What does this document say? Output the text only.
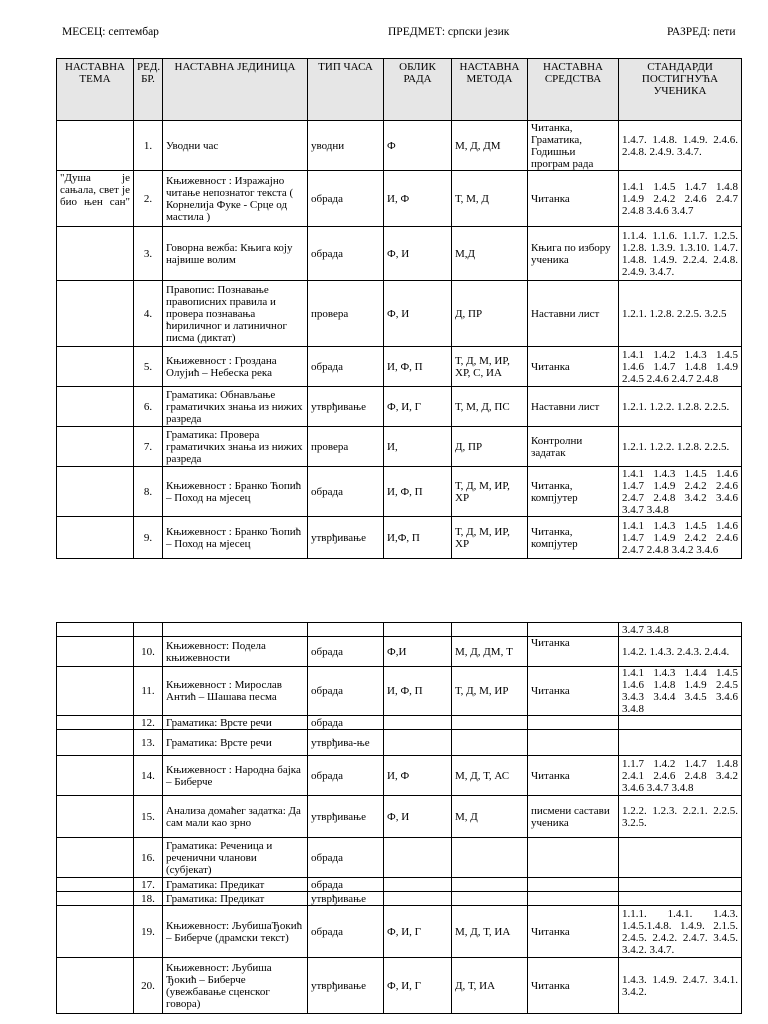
МЕСЕЦ: септембар	ПРЕДМЕТ: српски језик	РАЗРЕД: пети
НАСТАВНА ТЕМА	РЕД. БР.	НАСТАВНА ЈЕДИНИЦА	ТИП ЧАСА	ОБЛИК РАДА	НАСТАВНА МЕТОДА	НАСТАВНА СРЕДСТВА	СТАНДАРДИ ПОСТИГНУЋА УЧЕНИКА
	1.	Уводни час	уводни	Ф	М, Д, ДМ	Читанка, Граматика, Годишњи програм рада	1.4.7. 1.4.8. 1.4.9. 2.4.6. 2.4.8. 2.4.9. 3.4.7.
"Душа је сањала, свет је био њен сан"	2.	Књижевност : Изражајно читање непознатог текста ( Корнелија Фуке - Срце од мастила )	обрада	И, Ф	Т, М, Д	Читанка	1.4.1 1.4.5 1.4.7 1.4.8 1.4.9 2.4.2 2.4.6 2.4.7 2.4.8 3.4.6 3.4.7
	3.	Говорна вежба: Књига коју највише волим	обрада	Ф, И	М,Д	Књига по избору ученика	1.1.4. 1.1.6. 1.1.7. 1.2.5. 1.2.8. 1.3.9. 1.3.10. 1.4.7. 1.4.8. 1.4.9. 2.2.4. 2.4.8. 2.4.9. 3.4.7.
	4.	Правопис: Познавање правописних правила и провера познавања ћириличног и латиничног писма (диктат)	провера	Ф, И	Д, ПР	Наставни лист	1.2.1. 1.2.8. 2.2.5. 3.2.5
	5.	Књижевност : Гроздана Олујић – Небеска река	обрада	И, Ф, П	Т, Д, М, ИР, ХР, С, ИА	Читанка	1.4.1 1.4.2 1.4.3 1.4.5 1.4.6 1.4.7 1.4.8 1.4.9 2.4.5 2.4.6 2.4.7 2.4.8
	6.	Граматика: Обнављање граматичких знања из нижих разреда	утврђивање	Ф, И, Г	Т, М, Д, ПС	Наставни лист	1.2.1. 1.2.2. 1.2.8. 2.2.5.
	7.	Граматика: Провера граматичких знања из нижих разреда	провера	И,	Д, ПР	Контролни задатак	1.2.1. 1.2.2. 1.2.8. 2.2.5.
	8.	Књижевност : Бранко Ћопић – Поход на мјесец	обрада	И, Ф, П	Т, Д, М, ИР, ХР	Читанка, компјутер	1.4.1 1.4.3 1.4.5 1.4.6 1.4.7 1.4.9 2.4.2 2.4.6 2.4.7 2.4.8 3.4.2 3.4.6 3.4.7 3.4.8
	9.	Књижевност : Бранко Ћопић – Поход на мјесец	утврђивање	И,Ф, П	Т, Д, М, ИР, ХР	Читанка, компјутер	1.4.1 1.4.3 1.4.5 1.4.6 1.4.7 1.4.9 2.4.2 2.4.6 2.4.7 2.4.8 3.4.2 3.4.6
							3.4.7 3.4.8
	10.	Књижевност: Подела књижевности	обрада	Ф,И	М, Д, ДМ, Т	Читанка	1.4.2. 1.4.3. 2.4.3. 2.4.4.
	11.	Књижевност : Мирослав Антић – Шашава песма	обрада	И, Ф, П	Т, Д, М, ИР	Читанка	1.4.1 1.4.3 1.4.4 1.4.5 1.4.6 1.4.8 1.4.9 2.4.5 3.4.3 3.4.4 3.4.5 3.4.6 3.4.8
	12.	Граматика: Врсте речи	обрада				
	13.	Граматика: Врсте речи	утврђива-ње				
	14.	Књижевност : Народна бајка – Биберче	обрада	И, Ф	М, Д, Т, АС	Читанка	1.1.7 1.4.2 1.4.7 1.4.8 2.4.1 2.4.6 2.4.8 3.4.2 3.4.6 3.4.7 3.4.8
	15.	Анализа домаћег задатка: Да сам мали као зрно	утврђивање	Ф, И	М, Д	писмени састави ученика	1.2.2. 1.2.3. 2.2.1. 2.2.5. 3.2.5.
	16.	Граматика: Реченица и реченични чланови (субјекат)	обрада				
	17.	Граматика: Предикат	обрада				
	18.	Граматика: Предикат	утврђивање				
	19.	Књижевност: ЉубишаЂокић – Биберче (драмски текст)	обрада	Ф, И, Г	М, Д, Т, ИА	Читанка	1.1.1. 1.4.1. 1.4.3. 1.4.5.1.4.8. 1.4.9. 2.1.5. 2.4.5. 2.4.2. 2.4.7. 3.4.5. 3.4.2. 3.4.7.
	20.	Књижевност: Љубиша Ђокић – Биберче (увежбавање сценског говора)	утврђивање	Ф, И, Г	Д, Т, ИА	Читанка	1.4.3. 1.4.9. 2.4.7. 3.4.1. 3.4.2.
